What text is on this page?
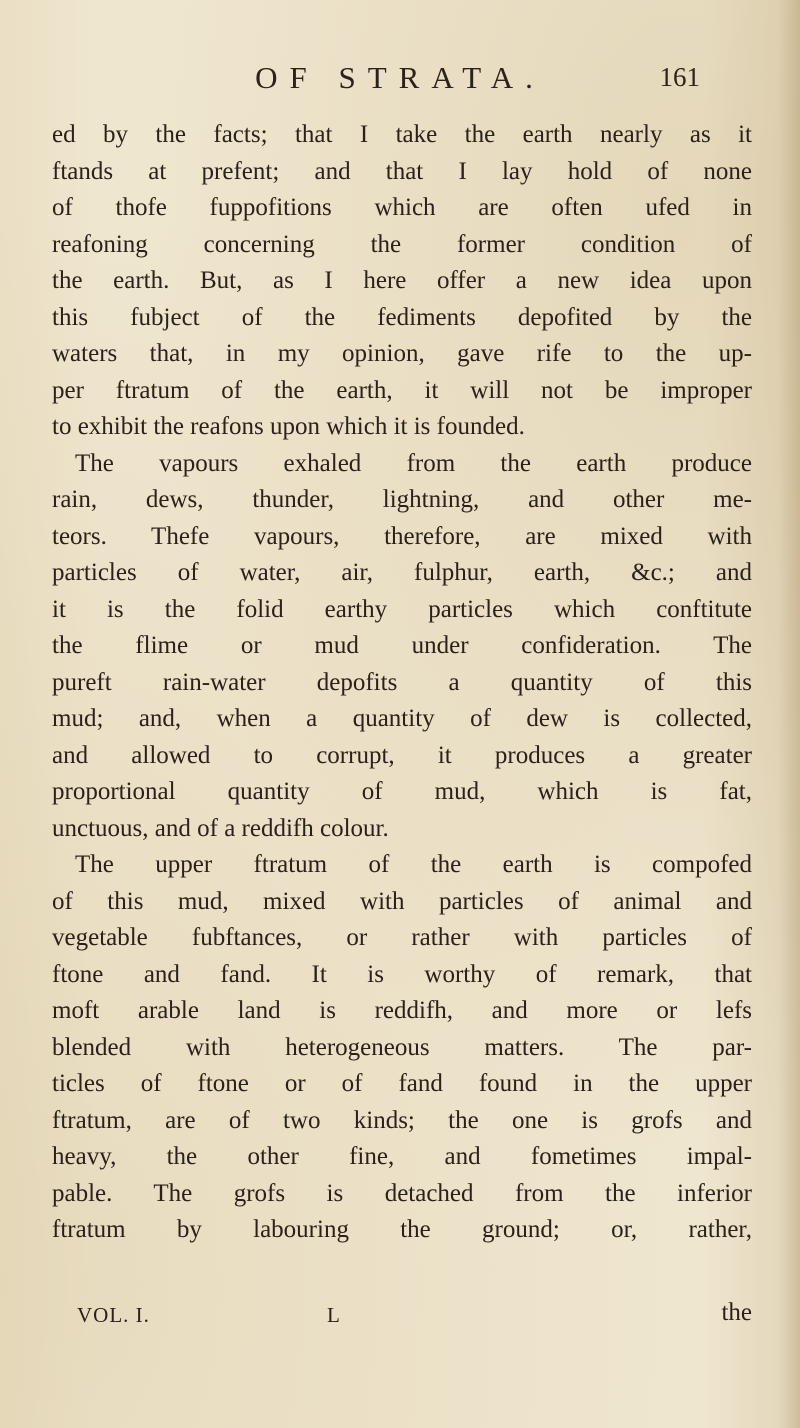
OF STRATA.	161
ed by the facts; that I take the earth nearly as it
ftands at prefent; and that I lay hold of none
of thofe fuppofitions which are often ufed in
reafoning concerning the former condition of
the earth. But, as I here offer a new idea upon
this fubject of the fediments depofited by the
waters that, in my opinion, gave rife to the up-
per ftratum of the earth, it will not be improper
to exhibit the reafons upon which it is founded.
The vapours exhaled from the earth produce
rain, dews, thunder, lightning, and other me-
teors. Thefe vapours, therefore, are mixed with
particles of water, air, fulphur, earth, &c.; and
it is the folid earthy particles which conftitute
the flime or mud under confideration. The
pureft rain-water depofits a quantity of this
mud; and, when a quantity of dew is collected,
and allowed to corrupt, it produces a greater
proportional quantity of mud, which is fat,
unctuous, and of a reddifh colour.
The upper ftratum of the earth is compofed
of this mud, mixed with particles of animal and
vegetable fubftances, or rather with particles of
ftone and fand. It is worthy of remark, that
moft arable land is reddifh, and more or lefs
blended with heterogeneous matters. The par-
ticles of ftone or of fand found in the upper
ftratum, are of two kinds; the one is grofs and
heavy, the other fine, and fometimes impal-
pable. The grofs is detached from the inferior
ftratum by labouring the ground; or, rather,
VOL. I.	L	the
